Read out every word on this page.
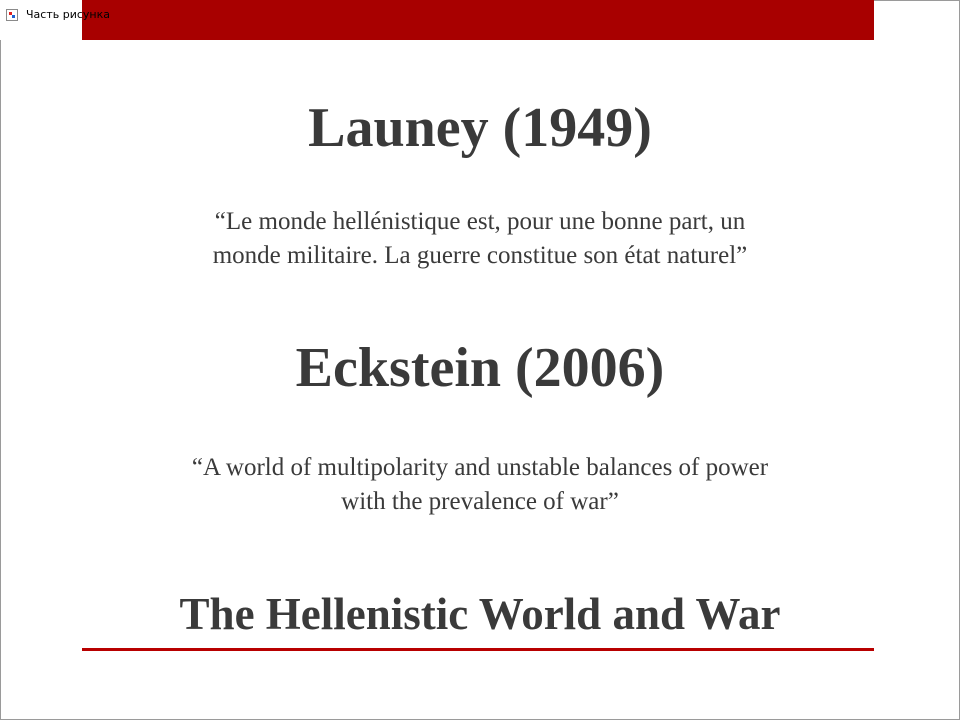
Часть рисунка
Launey (1949)

“Le monde hellénistique est, pour une bonne part, un
monde militaire. La guerre constitue son état naturel”

Eckstein (2006)

“A world of multipolarity and unstable balances of power
with the prevalence of war”

The Hellenistic World and War
